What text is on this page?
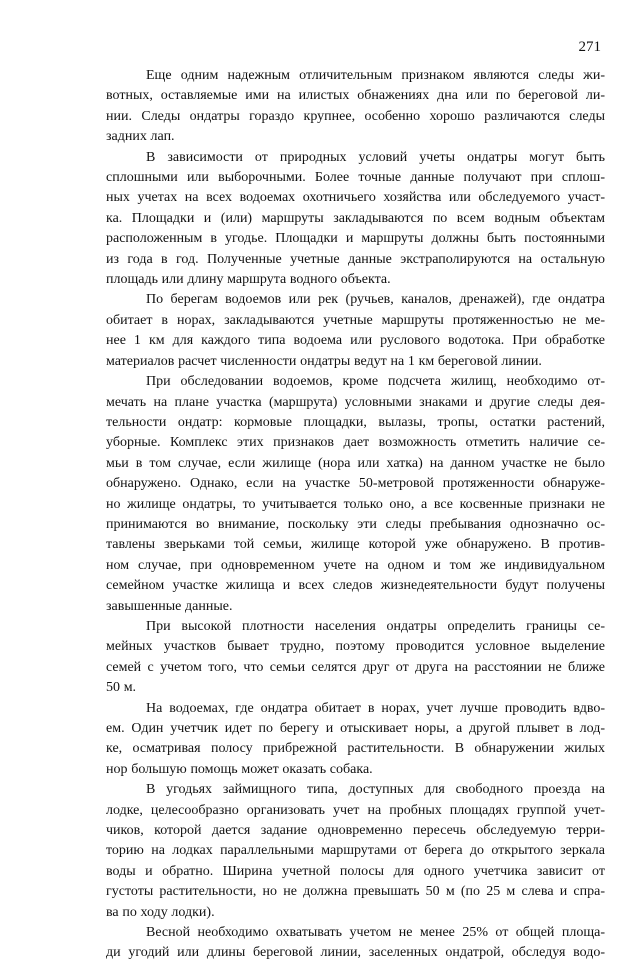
271

Еще одним надежным отличительным признаком являются следы жи-
вотных, оставляемые ими на илистых обнажениях дна или по береговой ли-
нии. Следы ондатры гораздо крупнее, особенно хорошо различаются следы
задних лап.

В зависимости от природных условий учеты ондатры могут быть
сплошными или выборочными. Более точные данные получают при сплош-
ных учетах на всех водоемах охотничьего хозяйства или обследуемого участ-
ка. Площадки и (или) маршруты закладываются по всем водным объектам
расположенным в угодье. Площадки и маршруты должны быть постоянными
из года в год. Полученные учетные данные экстраполируются на остальную
площадь или длину маршрута водного объекта.

По берегам водоемов или рек (ручьев, каналов, дренажей), где ондатра
обитает в норах, закладываются учетные маршруты протяженностью не ме-
нее 1 км для каждого типа водоема или руслового водотока. При обработке
материалов расчет численности ондатры ведут на 1 км береговой линии.

При обследовании водоемов, кроме подсчета жилищ, необходимо от-
мечать на плане участка (маршрута) условными знаками и другие следы дея-
тельности ондатр: кормовые площадки, вылазы, тропы, остатки растений,
уборные. Комплекс этих признаков дает возможность отметить наличие се-
мьи в том случае, если жилище (нора или хатка) на данном участке не было
обнаружено. Однако, если на участке 50-метровой протяженности обнаруже-
но жилище ондатры, то учитывается только оно, а все косвенные признаки не
принимаются во внимание, поскольку эти следы пребывания однозначно ос-
тавлены зверьками той семьи, жилище которой уже обнаружено. В против-
ном случае, при одновременном учете на одном и том же индивидуальном
семейном участке жилища и всех следов жизнедеятельности будут получены
завышенные данные.

При высокой плотности населения ондатры определить границы се-
мейных участков бывает трудно, поэтому проводится условное выделение
семей с учетом того, что семьи селятся друг от друга на расстоянии не ближе
50 м.

На водоемах, где ондатра обитает в норах, учет лучше проводить вдво-
ем. Один учетчик идет по берегу и отыскивает норы, а другой плывет в лод-
ке, осматривая полосу прибрежной растительности. В обнаружении жилых
нор большую помощь может оказать собака.

В угодьях займищного типа, доступных для свободного проезда на
лодке, целесообразно организовать учет на пробных площадях группой учет-
чиков, которой дается задание одновременно пересечь обследуемую терри-
торию на лодках параллельными маршрутами от берега до открытого зеркала
воды и обратно. Ширина учетной полосы для одного учетчика зависит от
густоты растительности, но не должна превышать 50 м (по 25 м слева и спра-
ва по ходу лодки).

Весной необходимо охватывать учетом не менее 25% от общей площа-
ди угодий или длины береговой линии, заселенных ондатрой, обследуя водо-
